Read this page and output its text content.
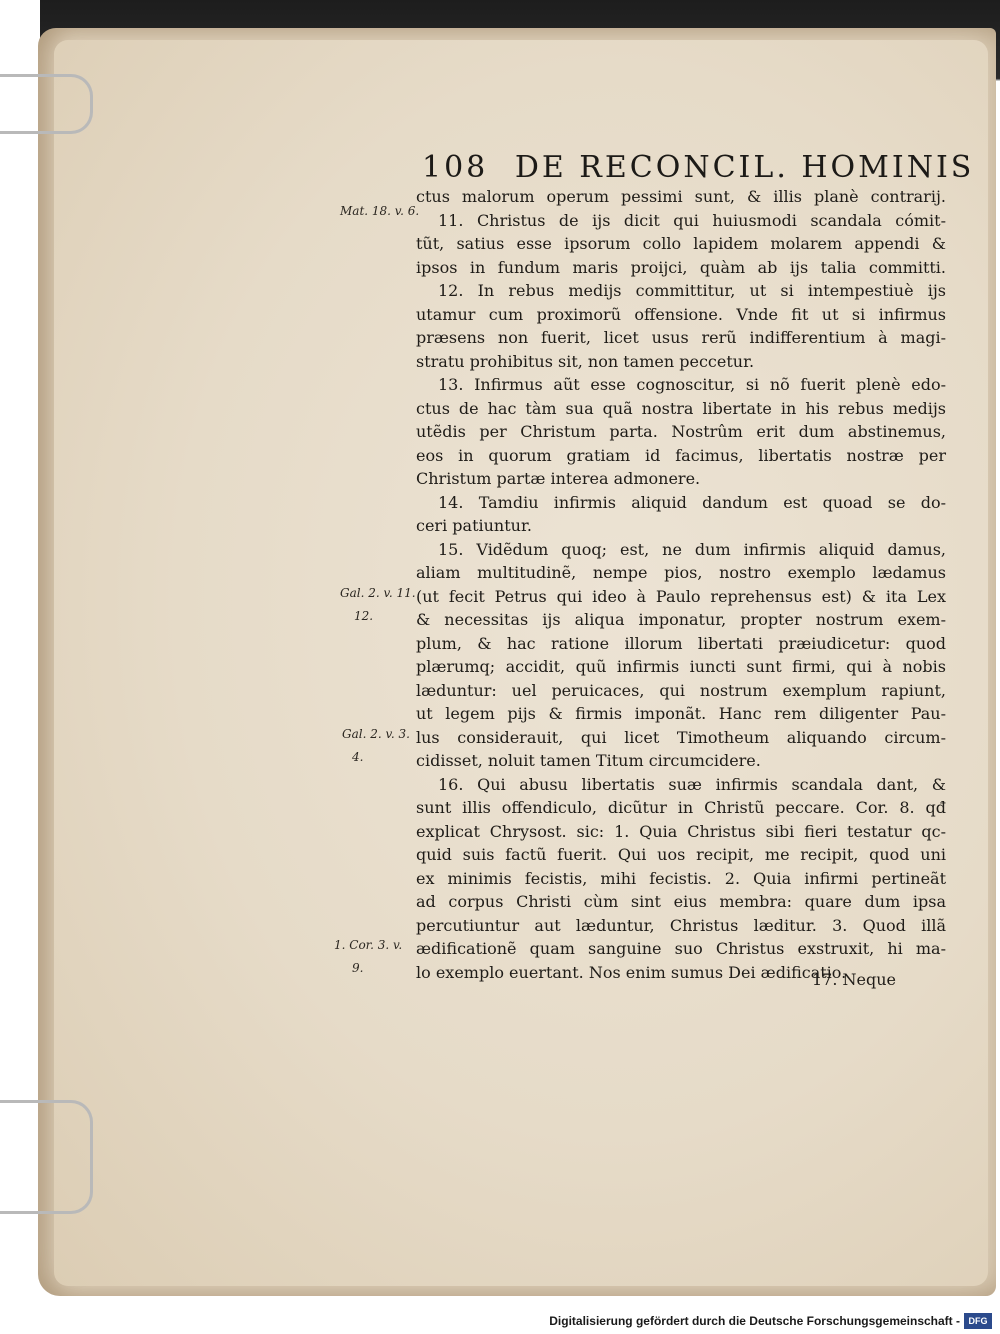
108 DE RECONCIL. HOMINIS
ctus malorum operum pessimi sunt, & illis planè contrarij.
11. Christus de ijs dicit qui huiusmodi scandala cómit-
tũt, satius esse ipsorum collo lapidem molarem appendi &
ipsos in fundum maris proijci, quàm ab ijs talia committi.
12. In rebus medijs committitur, ut si intempestiuè ijs
utamur cum proximorũ offensione. Vnde fit ut si infirmus
præsens non fuerit, licet usus rerũ indifferentium à magi-
stratu prohibitus sit, non tamen peccetur.
13. Infirmus aũt esse cognoscitur, si nõ fuerit plenè edo-
ctus de hac tàm sua quã nostra libertate in his rebus medijs
utẽdis per Christum parta. Nostrûm erit dum abstinemus,
eos in quorum gratiam id facimus, libertatis nostræ per
Christum partæ interea admonere.
14. Tamdiu infirmis aliquid dandum est quoad se do-
ceri patiuntur.
15. Vidẽdum quoq; est, ne dum infirmis aliquid damus,
aliam multitudinẽ, nempe pios, nostro exemplo lædamus
(ut fecit Petrus qui ideo à Paulo reprehensus est) & ita Lex
& necessitas ijs aliqua imponatur, propter nostrum exem-
plum, & hac ratione illorum libertati præiudicetur: quod
plærumq; accidit, quũ infirmis iuncti sunt firmi, qui à nobis
læduntur: uel peruicaces, qui nostrum exemplum rapiunt,
ut legem pijs & firmis imponãt. Hanc rem diligenter Pau-
lus considerauit, qui licet Timotheum aliquando circum-
cidisset, noluit tamen Titum circumcidere.
16. Qui abusu libertatis suæ infirmis scandala dant, &
sunt illis offendiculo, dicũtur in Christũ peccare. Cor. 8. qđ
explicat Chrysost. sic: 1. Quia Christus sibi fieri testatur qc-
quid suis factũ fuerit. Qui uos recipit, me recipit, quod uni
ex minimis fecistis, mihi fecistis. 2. Quia infirmi pertineãt
ad corpus Christi cùm sint eius membra: quare dum ipsa
percutiuntur aut læduntur, Christus læditur. 3. Quod illã
ædificationẽ quam sanguine suo Christus exstruxit, hi ma-
lo exemplo euertant. Nos enim sumus Dei ædificatio.
Mat. 18. v. 6.
Gal. 2. v. 11.
12.
Gal. 2. v. 3.
4.
1. Cor. 3. v.
9.
17. Neque
Digitalisierung gefördert durch die Deutsche Forschungsgemeinschaft - DFG
